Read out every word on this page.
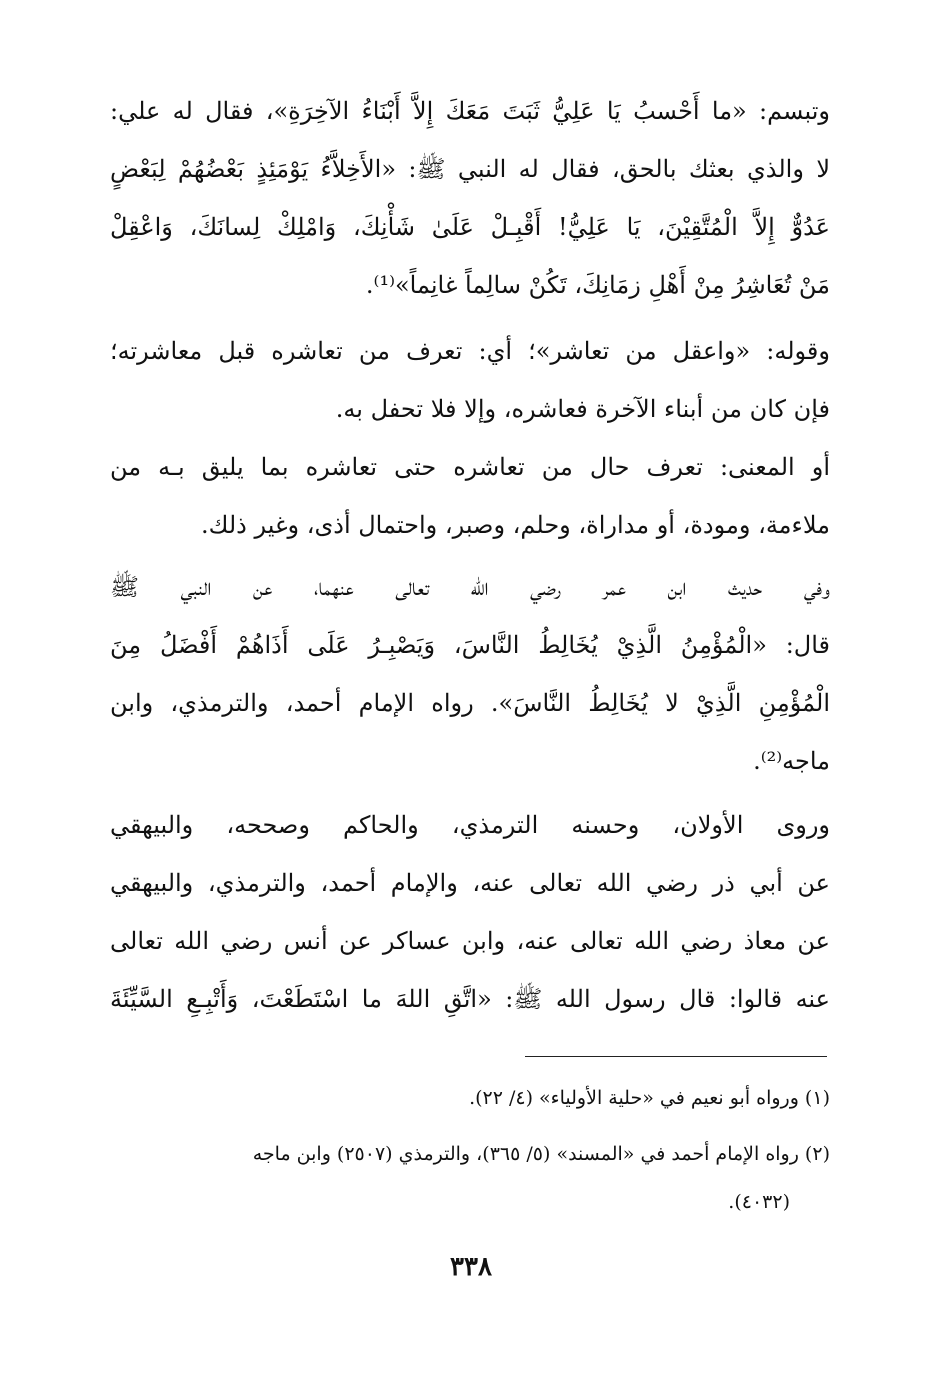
وتبسم: «ما أَحْسبُ يَا عَلِيُّ ثَبَتَ مَعَكَ إِلاَّ أَبْنَاءُ الآخِرَةِ»، فقال له علي:
لا والذي بعثك بالحق، فقال له النبي ﷺ: «الأَخِلاَّءُ يَوْمَئِذٍ بَعْضُهُمْ لِبَعْضٍ
عَدُوٌّ إِلاَّ الْمُتَّقِيْنَ، يَا عَلِيُّ! أَقْبِـلْ عَلَىٰ شَأْنِكَ، وَامْلِكْ لِسانَكَ، وَاعْقِلْ
مَنْ تُعَاشِرُ مِنْ أَهْلِ زمَانِكَ، تَكُنْ سالِماً غانِماً»⁽¹⁾.
وقوله: «واعقل من تعاشر»؛ أي: تعرف من تعاشره قبل معاشرته؛
فإن كان من أبناء الآخرة فعاشره، وإلا فلا تحفل به.
أو المعنى: تعرف حال من تعاشره حتى تعاشره بما يليق بـه من
ملاءمة، ومودة، أو مداراة، وحلم، وصبر، واحتمال أذى، وغير ذلك.
وفي حديث ابن عمر رضي الله تعالى عنهما، عن النبي ﷺ
قال: «الْمُؤْمِنُ الَّذِيْ يُخَالِطُ النَّاسَ، وَيَصْبِـرُ عَلَى أَذَاهُمْ أَفْضَلُ مِنَ
الْمُؤْمِنِ الَّذِيْ لا يُخَالِطُ النَّاسَ». رواه الإمام أحمد، والترمذي، وابن
ماجه⁽²⁾.
وروى الأولان، وحسنه الترمذي، والحاكم وصححه، والبيهقي
عن أبي ذر رضي الله تعالى عنه، والإمام أحمد، والترمذي، والبيهقي
عن معاذ رضي الله تعالى عنه، وابن عساكر عن أنس رضي الله تعالى
عنه قالوا: قال رسول الله ﷺ: «اتَّقِ اللهَ ما اسْتَطَعْتَ، وَأَتْبِـعِ السَّيِّئَةَ
(١) ورواه أبو نعيم في «حلية الأولياء» (٤/ ٢٢).
(٢) رواه الإمام أحمد في «المسند» (٥/ ٣٦٥)، والترمذي (٢٥٠٧) وابن ماجه
(٤٠٣٢).
٣٣٨
